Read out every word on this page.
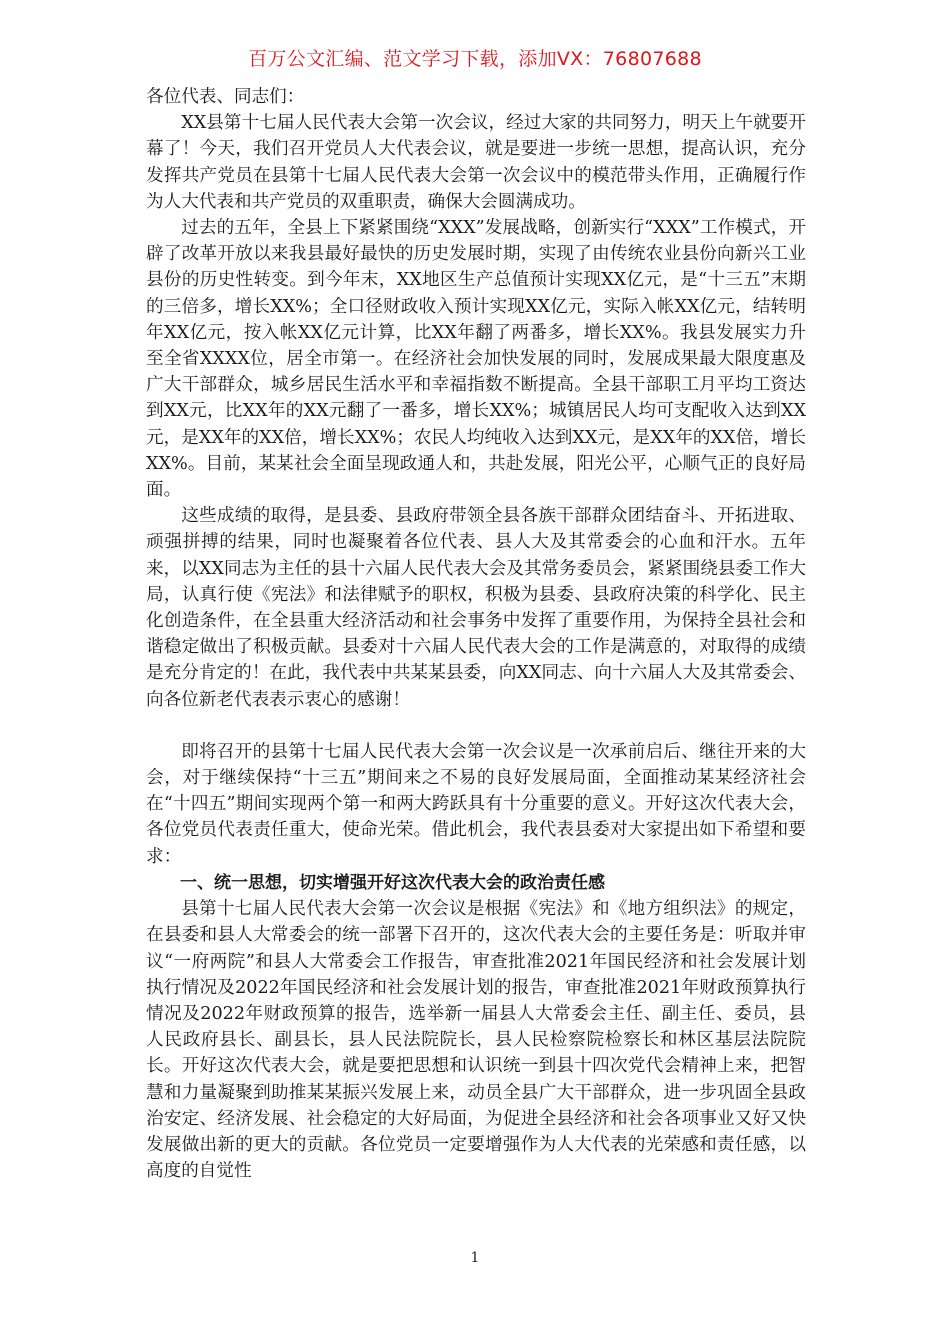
百万公文汇编、范文学习下载，添加VX：76807688

各位代表、同志们：

XX县第十七届人民代表大会第一次会议，经过大家的共同努力，明天上午就要开幕了！今天，我们召开党员人大代表会议，就是要进一步统一思想，提高认识，充分发挥共产党员在县第十七届人民代表大会第一次会议中的模范带头作用，正确履行作为人大代表和共产党员的双重职责，确保大会圆满成功。

过去的五年，全县上下紧紧围绕“XXX”发展战略，创新实行“XXX”工作模式，开辟了改革开放以来我县最好最快的历史发展时期，实现了由传统农业县份向新兴工业县份的历史性转变。到今年末，XX地区生产总值预计实现XX亿元，是“十三五”末期的三倍多，增长XX%；全口径财政收入预计实现XX亿元，实际入帐XX亿元，结转明年XX亿元，按入帐XX亿元计算，比XX年翻了两番多，增长XX%。我县发展实力升至全省XXXX位，居全市第一。在经济社会加快发展的同时，发展成果最大限度惠及广大干部群众，城乡居民生活水平和幸福指数不断提高。全县干部职工月平均工资达到XX元，比XX年的XX元翻了一番多，增长XX%；城镇居民人均可支配收入达到XX元，是XX年的XX倍，增长XX%；农民人均纯收入达到XX元，是XX年的XX倍，增长XX%。目前，某某社会全面呈现政通人和，共赴发展，阳光公平，心顺气正的良好局面。

这些成绩的取得，是县委、县政府带领全县各族干部群众团结奋斗、开拓进取、顽强拼搏的结果，同时也凝聚着各位代表、县人大及其常委会的心血和汗水。五年来，以XX同志为主任的县十六届人民代表大会及其常务委员会，紧紧围绕县委工作大局，认真行使《宪法》和法律赋予的职权，积极为县委、县政府决策的科学化、民主化创造条件，在全县重大经济活动和社会事务中发挥了重要作用，为保持全县社会和谐稳定做出了积极贡献。县委对十六届人民代表大会的工作是满意的，对取得的成绩是充分肯定的！在此，我代表中共某某县委，向XX同志、向十六届人大及其常委会、向各位新老代表表示衷心的感谢！

即将召开的县第十七届人民代表大会第一次会议是一次承前启后、继往开来的大会，对于继续保持“十三五”期间来之不易的良好发展局面，全面推动某某经济社会在“十四五”期间实现两个第一和两大跨跃具有十分重要的意义。开好这次代表大会，各位党员代表责任重大，使命光荣。借此机会，我代表县委对大家提出如下希望和要求：

一、统一思想，切实增强开好这次代表大会的政治责任感

县第十七届人民代表大会第一次会议是根据《宪法》和《地方组织法》的规定，在县委和县人大常委会的统一部署下召开的，这次代表大会的主要任务是：听取并审议“一府两院”和县人大常委会工作报告，审查批准2021年国民经济和社会发展计划执行情况及2022年国民经济和社会发展计划的报告，审查批准2021年财政预算执行情况及2022年财政预算的报告，选举新一届县人大常委会主任、副主任、委员，县人民政府县长、副县长，县人民法院院长，县人民检察院检察长和林区基层法院院长。开好这次代表大会，就是要把思想和认识统一到县十四次党代会精神上来，把智慧和力量凝聚到助推某某振兴发展上来，动员全县广大干部群众，进一步巩固全县政治安定、经济发展、社会稳定的大好局面，为促进全县经济和社会各项事业又好又快发展做出新的更大的贡献。各位党员一定要增强作为人大代表的光荣感和责任感，以高度的自觉性

1
